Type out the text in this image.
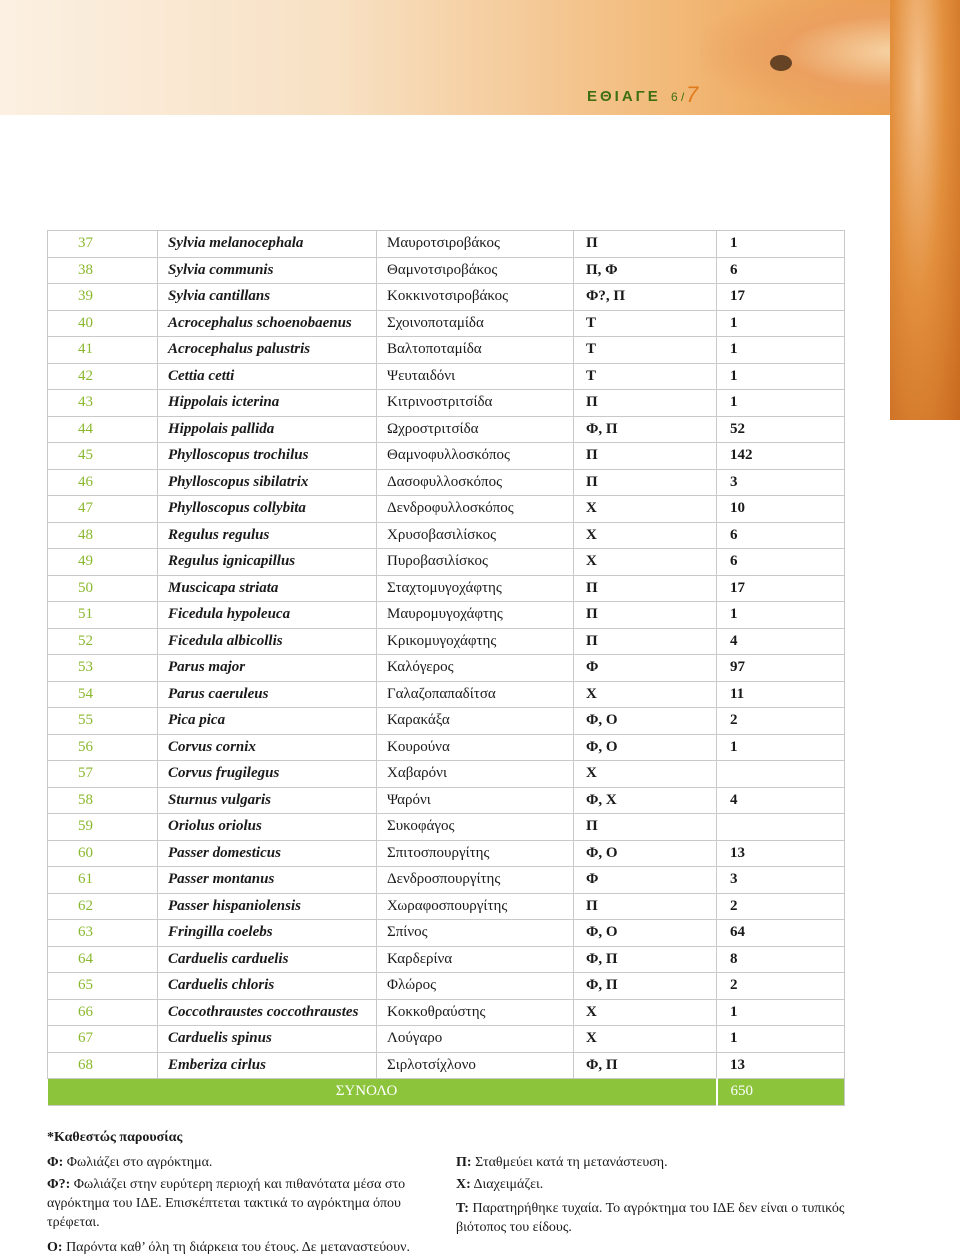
ΕΘΙΑΓΕ 6 / 7
37	Sylvia melanocephala	Μαυροτσιροβάκος	Π	1
38	Sylvia communis	Θαμνοτσιροβάκος	Π, Φ	6
39	Sylvia cantillans	Κοκκινοτσιροβάκος	Φ?, Π	17
40	Acrocephalus schoenobaenus	Σχοινοποταμίδα	Τ	1
41	Acrocephalus palustris	Βαλτοποταμίδα	Τ	1
42	Cettia cetti	Ψευταιδόνι	Τ	1
43	Hippolais icterina	Κιτρινοστριτσίδα	Π	1
44	Hippolais pallida	Ωχροστριτσίδα	Φ, Π	52
45	Phylloscopus trochilus	Θαμνοφυλλοσκόπος	Π	142
46	Phylloscopus sibilatrix	Δασοφυλλοσκόπος	Π	3
47	Phylloscopus collybita	Δενδροφυλλοσκόπος	Χ	10
48	Regulus regulus	Χρυσοβασιλίσκος	Χ	6
49	Regulus ignicapillus	Πυροβασιλίσκος	Χ	6
50	Muscicapa striata	Σταχτομυγοχάφτης	Π	17
51	Ficedula hypoleuca	Μαυρομυγοχάφτης	Π	1
52	Ficedula albicollis	Κρικομυγοχάφτης	Π	4
53	Parus major	Καλόγερος	Φ	97
54	Parus caeruleus	Γαλαζοπαπαδίτσα	Χ	11
55	Pica pica	Καρακάξα	Φ, Ο	2
56	Corvus cornix	Κουρούνα	Φ, Ο	1
57	Corvus frugilegus	Χαβαρόνι	Χ	
58	Sturnus vulgaris	Ψαρόνι	Φ, Χ	4
59	Oriolus oriolus	Συκοφάγος	Π	
60	Passer domesticus	Σπιτοσπουργίτης	Φ, Ο	13
61	Passer montanus	Δενδροσπουργίτης	Φ	3
62	Passer hispaniolensis	Χωραφοσπουργίτης	Π	2
63	Fringilla coelebs	Σπίνος	Φ, Ο	64
64	Carduelis carduelis	Καρδερίνα	Φ, Π	8
65	Carduelis chloris	Φλώρος	Φ, Π	2
66	Coccothraustes coccothraustes	Κοκκοθραύστης	Χ	1
67	Carduelis spinus	Λούγαρο	Χ	1
68	Emberiza cirlus	Σιρλοτσίχλονο	Φ, Π	13
ΣΥΝΟΛΟ				650
*Καθεστώς παρουσίας
Φ: Φωλιάζει στο αγρόκτημα.
Φ?: Φωλιάζει στην ευρύτερη περιοχή και πιθανότατα μέσα στο αγρόκτημα του ΙΔΕ. Επισκέπτεται τακτικά το αγρόκτημα όπου τρέφεται.
Ο: Παρόντα καθ’ όλη τη διάρκεια του έτους. Δε μεταναστεύουν.
Π: Σταθμεύει κατά τη μετανάστευση.
Χ: Διαχειμάζει.
Τ: Παρατηρήθηκε τυχαία. Το αγρόκτημα του ΙΔΕ δεν είναι ο τυπικός βιότοπος του είδους.
